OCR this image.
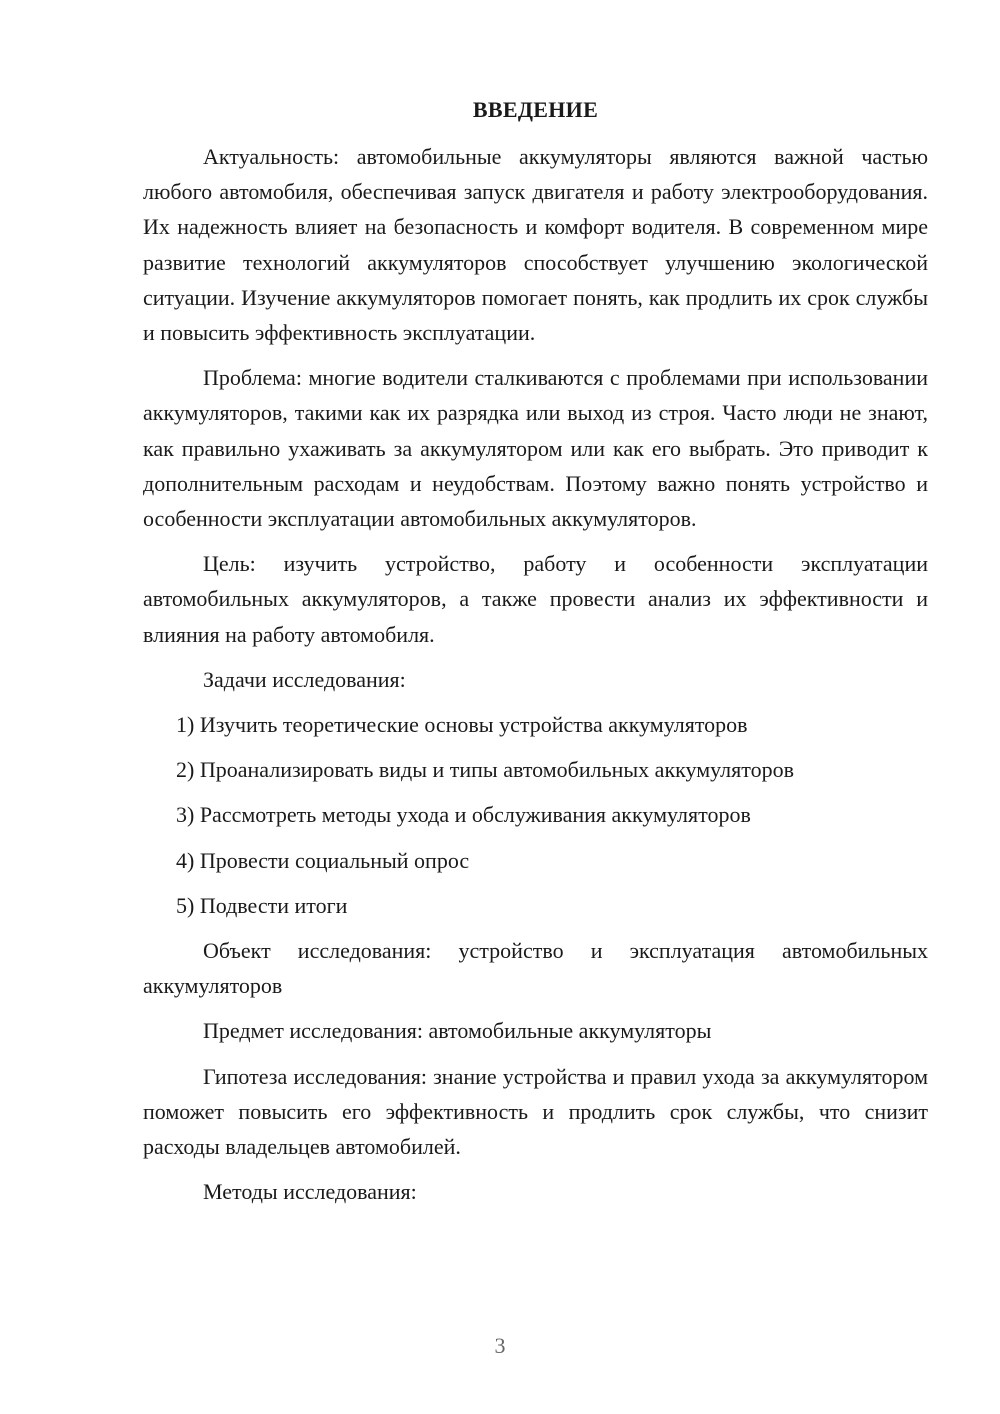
ВВЕДЕНИЕ

Актуальность: автомобильные аккумуляторы являются важной частью любого автомобиля, обеспечивая запуск двигателя и работу электрооборудования. Их надежность влияет на безопасность и комфорт водителя. В современном мире развитие технологий аккумуляторов способствует улучшению экологической ситуации. Изучение аккумуляторов помогает понять, как продлить их срок службы и повысить эффективность эксплуатации.

Проблема: многие водители сталкиваются с проблемами при использовании аккумуляторов, такими как их разрядка или выход из строя. Часто люди не знают, как правильно ухаживать за аккумулятором или как его выбрать. Это приводит к дополнительным расходам и неудобствам. Поэтому важно понять устройство и особенности эксплуатации автомобильных аккумуляторов.

Цель: изучить устройство, работу и особенности эксплуатации автомобильных аккумуляторов, а также провести анализ их эффективности и влияния на работу автомобиля.

Задачи исследования:

1) Изучить теоретические основы устройства аккумуляторов

2) Проанализировать виды и типы автомобильных аккумуляторов

3) Рассмотреть методы ухода и обслуживания аккумуляторов

4) Провести социальный опрос

5) Подвести итоги

Объект исследования: устройство и эксплуатация автомобильных аккумуляторов

Предмет исследования: автомобильные аккумуляторы

Гипотеза исследования: знание устройства и правил ухода за аккумулятором поможет повысить его эффективность и продлить срок службы, что снизит расходы владельцев автомобилей.

Методы исследования:

3
